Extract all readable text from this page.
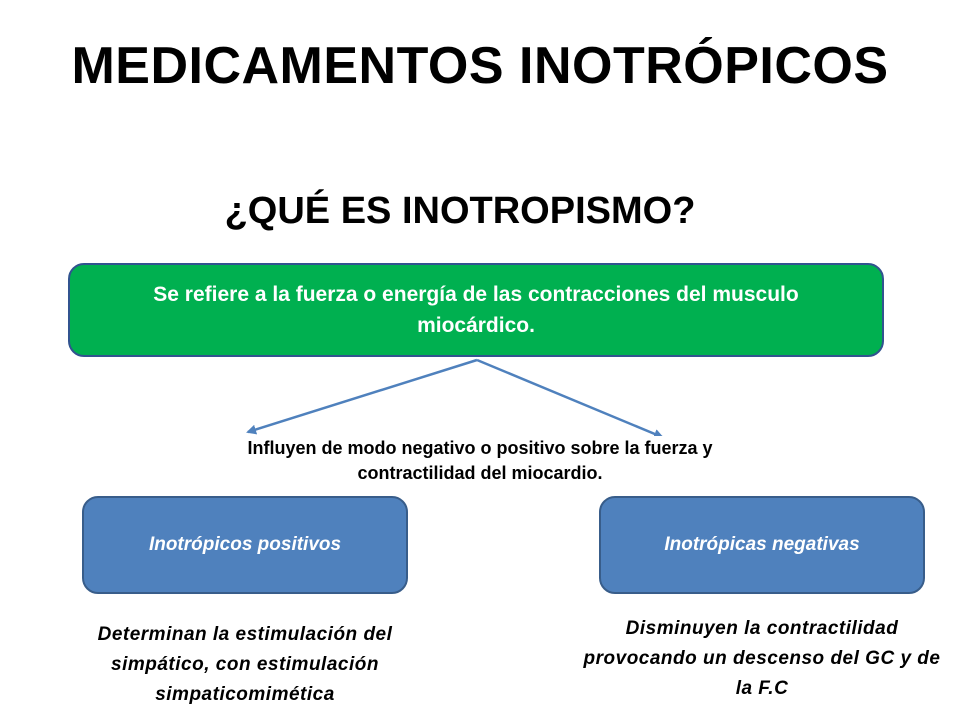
MEDICAMENTOS INOTRÓPICOS
¿QUÉ ES INOTROPISMO?
Se refiere a la fuerza o energía de las contracciones del musculo miocárdico.
Influyen de modo negativo o positivo sobre la fuerza y contractilidad del miocardio.
Inotrópicos positivos	Inotrópicas negativas
Determinan la estimulación del simpático, con estimulación simpaticomimética
Disminuyen la contractilidad provocando un descenso del GC y de la F.C
